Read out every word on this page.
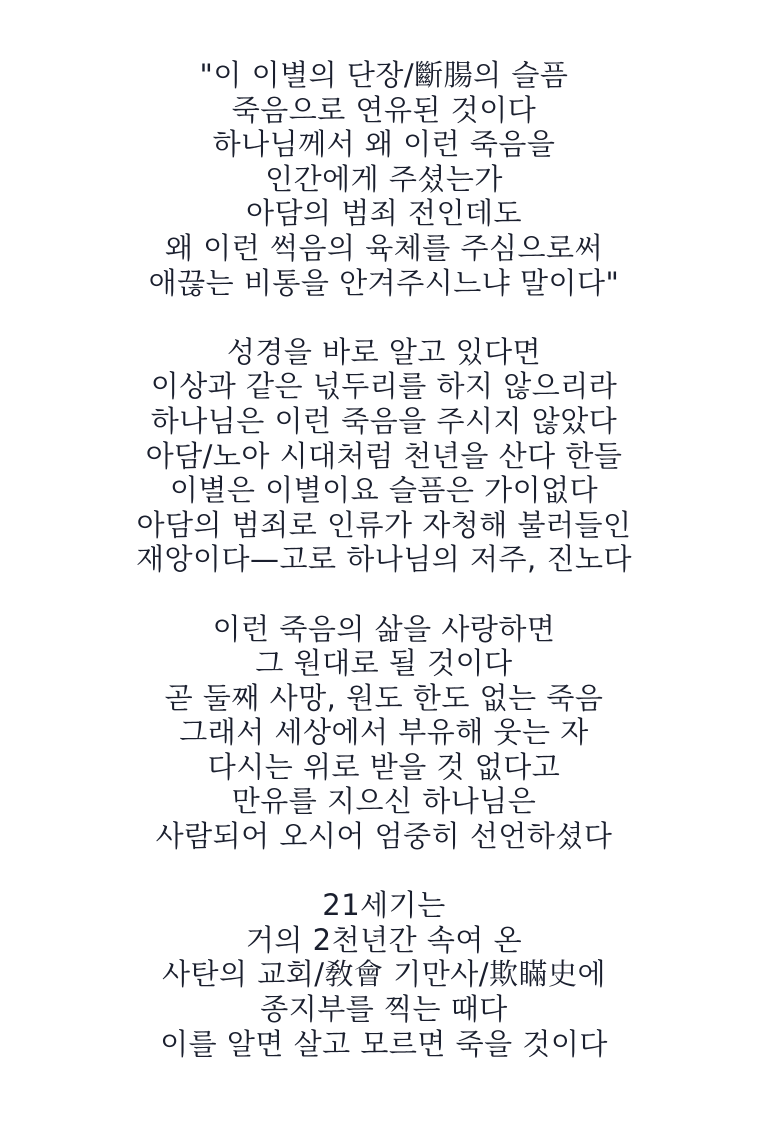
"이 이별의 단장/斷腸의 슬픔
죽음으로 연유된 것이다
하나님께서 왜 이런 죽음을
인간에게 주셨는가
아담의 범죄 전인데도
왜 이런 썩음의 육체를 주심으로써
애끊는 비통을 안겨주시느냐 말이다"
성경을 바로 알고 있다면
이상과 같은 넋두리를 하지 않으리라
하나님은 이런 죽음을 주시지 않았다
아담/노아 시대처럼 천년을 산다 한들
이별은 이별이요 슬픔은 가이없다
아담의 범죄로 인류가 자청해 불러들인
재앙이다—고로 하나님의 저주, 진노다
이런 죽음의 삶을 사랑하면
그 원대로 될 것이다
곧 둘째 사망, 원도 한도 없는 죽음
그래서 세상에서 부유해 웃는 자
다시는 위로 받을 것 없다고
만유를 지으신 하나님은
사람되어 오시어 엄중히 선언하셨다
21세기는
거의 2천년간 속여 온
사탄의 교회/敎會 기만사/欺瞞史에
종지부를 찍는 때다
이를 알면 살고 모르면 죽을 것이다
